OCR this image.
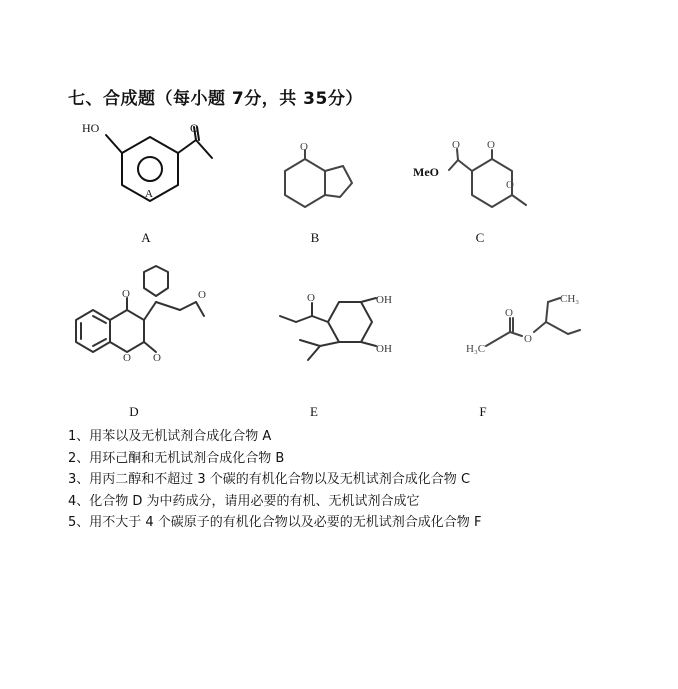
七、合成题（每小题 7分，共 35分）
HO	O
A
O
MeO
O O
O
O
O O
O	O	OH
OH
CH₃
H₃C
O
O
A	B	C
D	E	F
1、用苯以及无机试剂合成化合物 A
2、用环己酮和无机试剂合成化合物 B
3、用丙二醇和不超过 3 个碳的有机化合物以及无机试剂合成化合物 C
4、化合物 D 为中药成分，请用必要的有机、无机试剂合成它
5、用不大于 4 个碳原子的有机化合物以及必要的无机试剂合成化合物 F
